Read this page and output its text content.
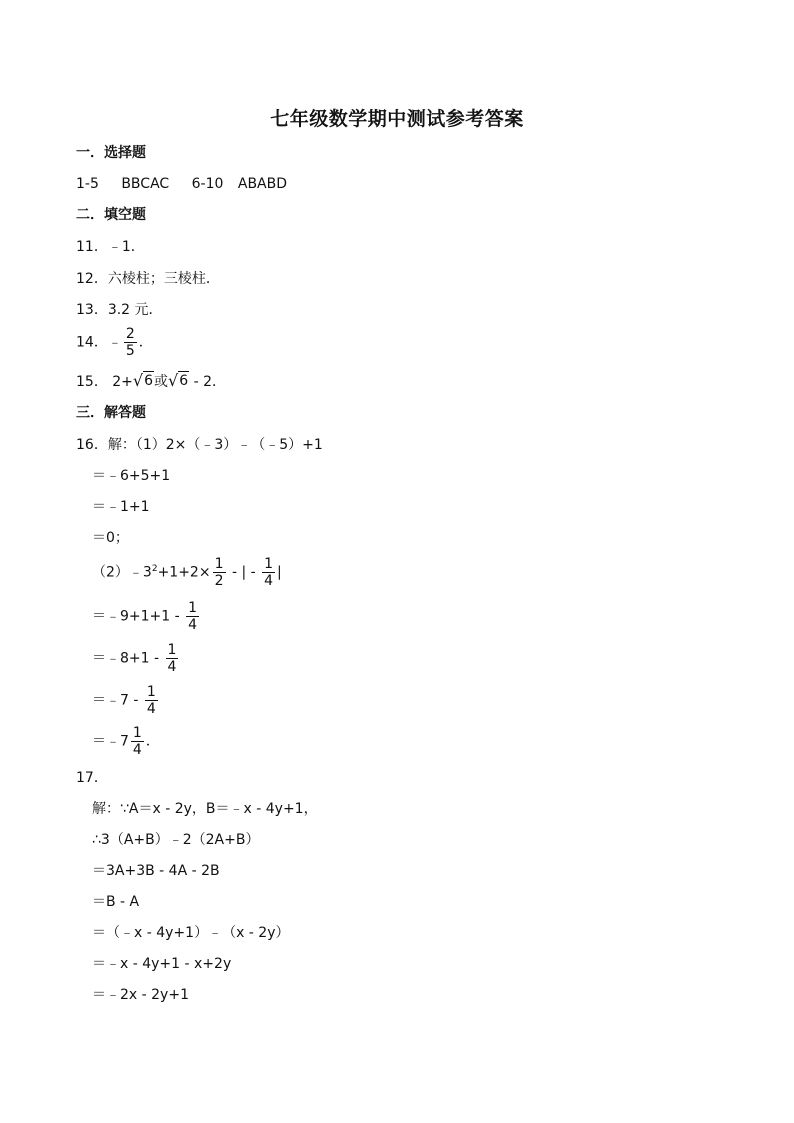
七年级数学期中测试参考答案
一．选择题
1-5 BBCAC 6-10 ABABD
二．填空题
11．﹣1．
12．六棱柱；三棱柱．
13．3.2 元．
14．﹣ $\frac{2}{5}$ ．
15． 2+ √ 6 或 √ 6 - 2．
三．解答题
16．解：（1）2×（﹣3）﹣（﹣5）+1
＝﹣6+5+1
＝﹣1+1
＝0；
$(2)﹣3^2+1+2\times \frac{1}{2}$ - | - $\frac{1}{4}$ |
＝﹣9+1+1 - $\frac{1}{4}$
＝﹣8+1 - $\frac{1}{4}$
＝﹣7 - $\frac{1}{4}$
＝﹣7 $\frac{1}{4}$ ．
17．
解：∵A＝x - 2y，B＝﹣x - 4y+1，
∴3（A+B）﹣2（2A+B）
＝3A+3B - 4A - 2B
＝B - A
＝（﹣x - 4y+1）﹣（x - 2y）
＝﹣x - 4y+1 - x+2y
＝﹣2x - 2y+1
